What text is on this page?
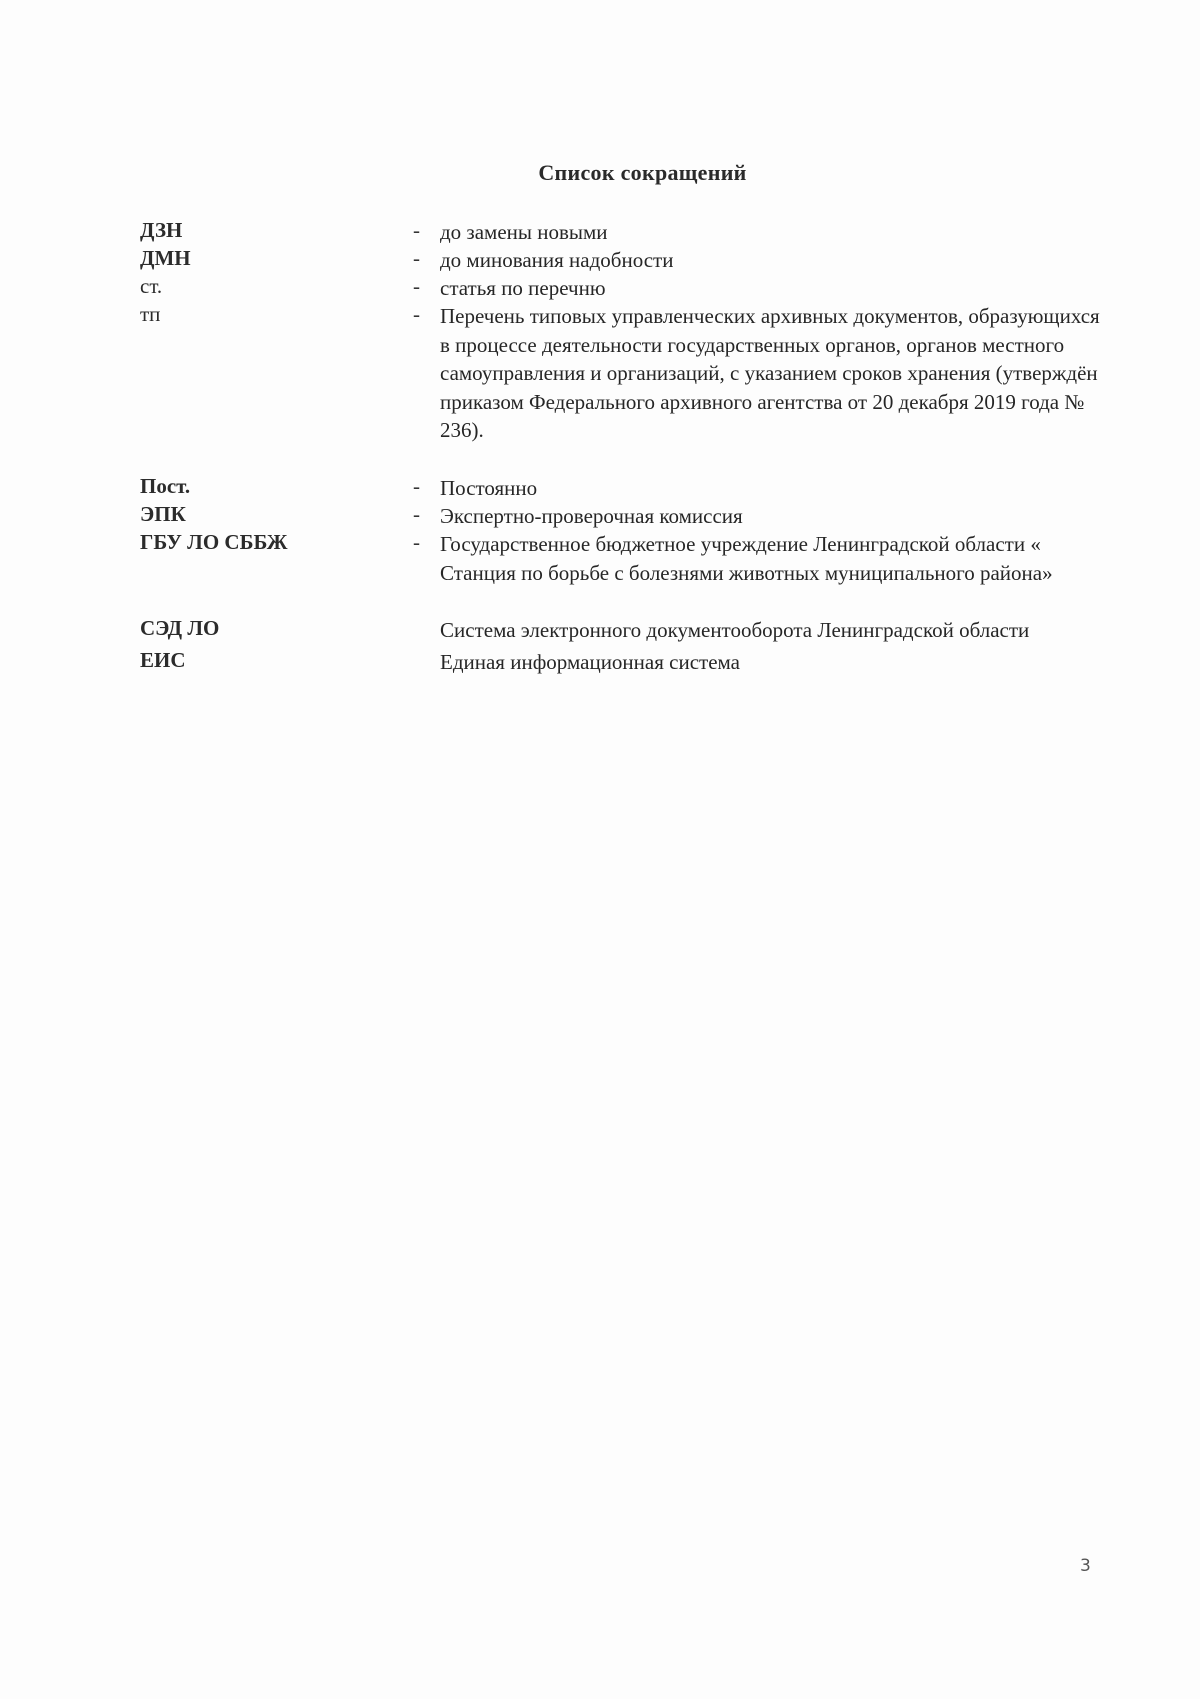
Список сокращений
ДЗН	- до замены новыми
ДМН	- до минования надобности
ст.	- статья по перечню
тп	- Перечень типовых управленческих архивных документов, образующихся в процессе деятельности государственных органов, органов местного самоуправления и организаций, с указанием сроков хранения (утверждён приказом Федерального архивного агентства от 20 декабря 2019 года № 236).
Пост.	- Постоянно
ЭПК	- Экспертно-проверочная комиссия
ГБУ ЛО СББЖ	- Государственное бюджетное учреждение Ленинградской области « Станция по борьбе с болезнями животных муниципального района»
СЭД ЛО	Система электронного документооборота Ленинградской области
ЕИС	Единая информационная система
3
